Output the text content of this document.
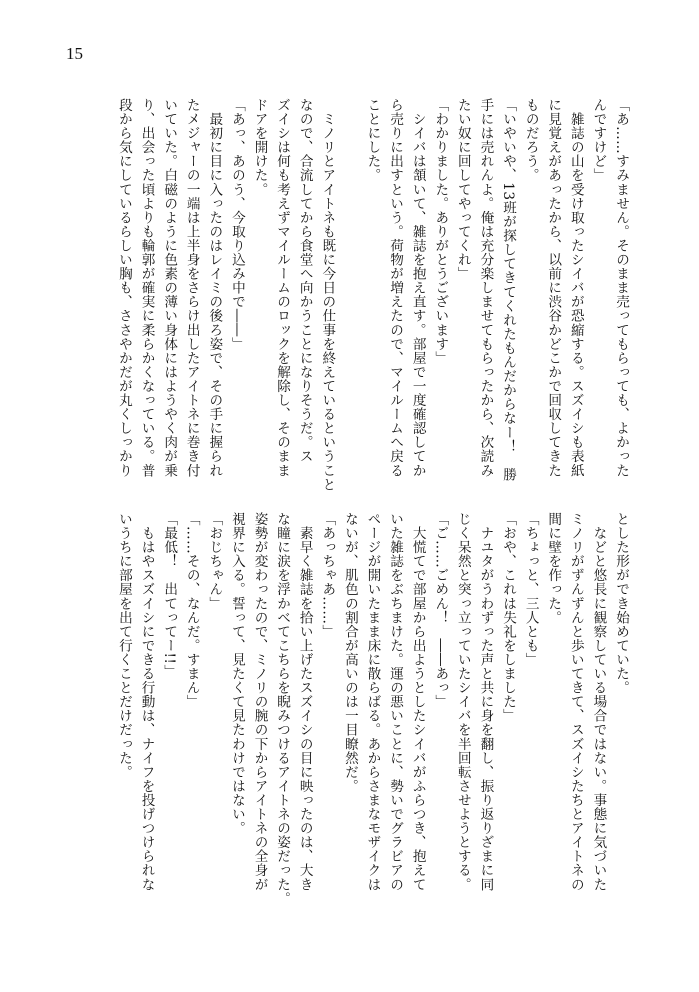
15
「あ……すみません。そのまま売ってもらっても、よかった
んですけど」
　雑誌の山を受け取ったシイバが恐縮する。スズイシも表紙
に見覚えがあったから、以前に渋谷かどこかで回収してきた
ものだろう。
「いやいや、13班が探してきてくれたもんだからなー！　勝
手には売れんよ。俺は充分楽しませてもらったから、次読み
たい奴に回してやってくれ」
「わかりました。ありがとうございます」
　シイバは頷いて、雑誌を抱え直す。部屋で一度確認してか
ら売りに出すという。荷物が増えたので、マイルームへ戻る
ことにした。

　ミノリとアイトネも既に今日の仕事を終えているということ
なので、合流してから食堂へ向かうことになりそうだ。ス
ズイシは何も考えずマイルームのロックを解除し、そのまま
ドアを開けた。
「あっ、あのう、今取り込み中で――」
　最初に目に入ったのはレイミの後ろ姿で、その手に握られ
たメジャーの一端は上半身をさらけ出したアイトネに巻き付
いていた。白磁のように色素の薄い身体にはようやく肉が乗
り、出会った頃よりも輪郭が確実に柔らかくなっている。普
段から気にしているらしい胸も、ささやかだが丸くしっかり
とした形ができ始めていた。
　などと悠長に観察している場合ではない。事態に気づいた
ミノリがずんずんと歩いてきて、スズイシたちとアイトネの
間に壁を作った。
「ちょっと、三人とも」
「おや、これは失礼をしました」
　ナユタがうわずった声と共に身を翻し、振り返りざまに同
じく呆然と突っ立っていたシイバを半回転させようとする。
「ご……ごめん！　――あっ」
　大慌てで部屋から出ようとしたシイバがふらつき、抱えて
いた雑誌をぶちまけた。運の悪いことに、勢いでグラビアの
ページが開いたまま床に散らばる。あからさまなモザイクは
ないが、肌色の割合が高いのは一目瞭然だ。
「あっちゃあ……」
　素早く雑誌を拾い上げたスズイシの目に映ったのは、大き
な瞳に涙を浮かべてこちらを睨みつけるアイトネの姿だった。
姿勢が変わったので、ミノリの腕の下からアイトネの全身が
視界に入る。誓って、見たくて見たわけではない。
「おじちゃん」
「……その、なんだ。すまん」
「最低！　出てってー!!」
　もはやスズイシにできる行動は、ナイフを投げつけられな
いうちに部屋を出て行くことだけだった。
